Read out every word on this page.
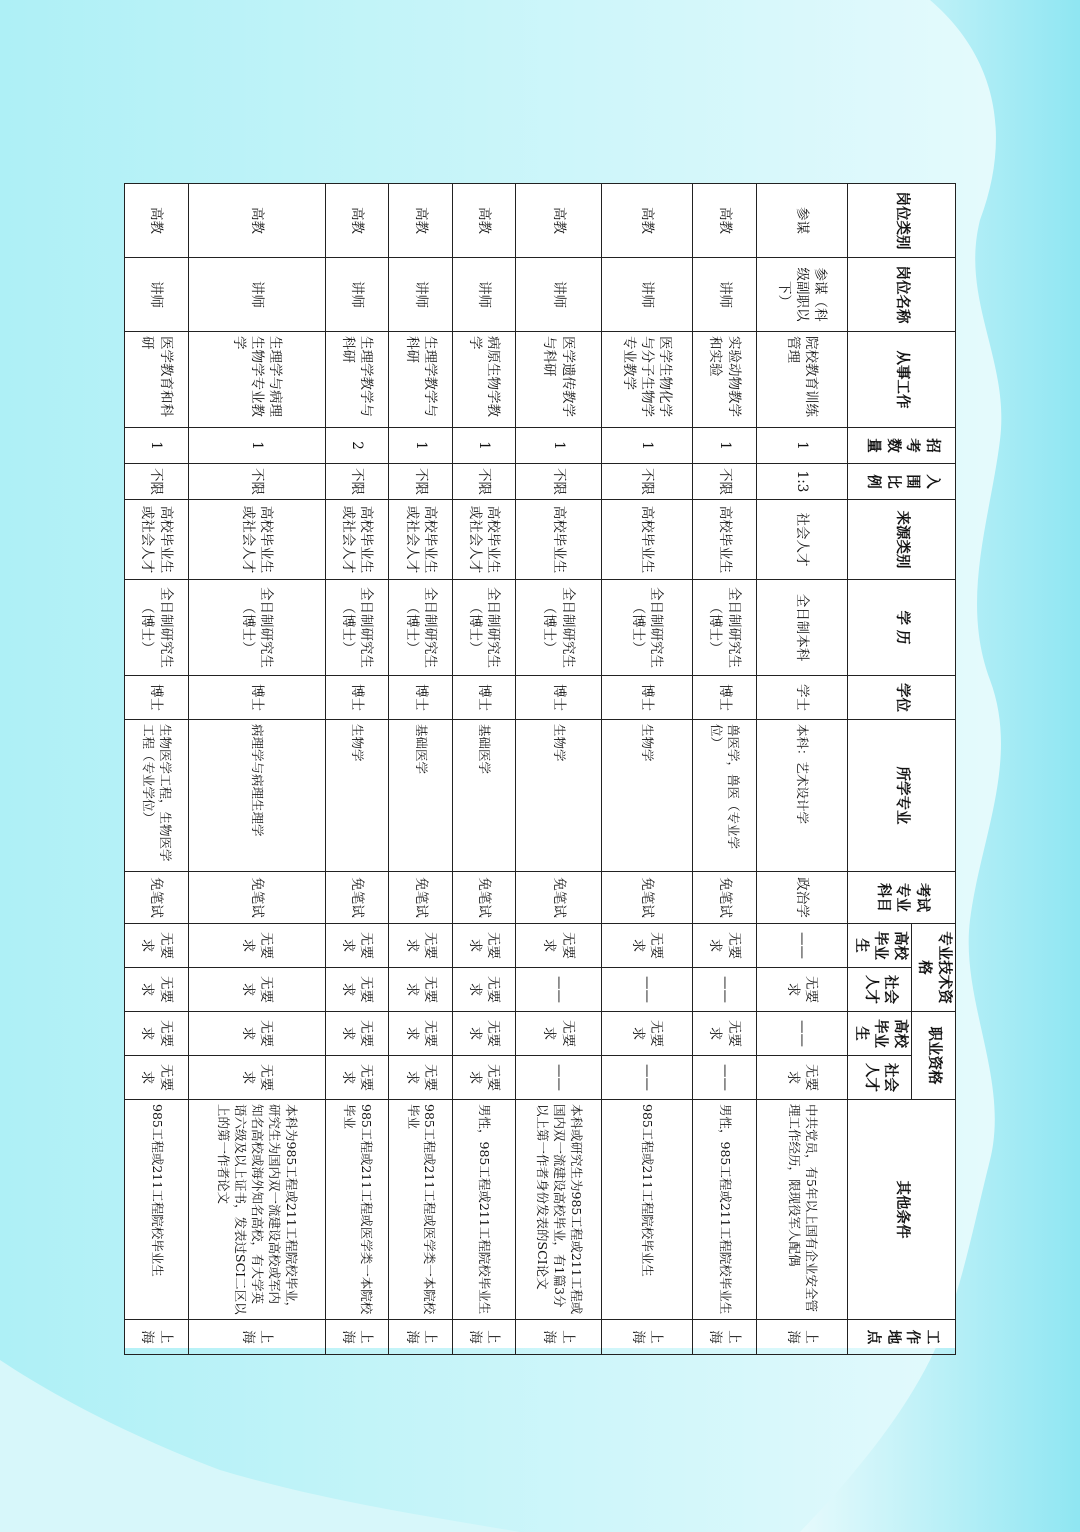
岗位类别	岗位名称	从事工作	招考数量	入围比例	来源类别	学 历	学位	所学专业	考试专业科目	专业技术资格		职业资格		其他条件	工作地点
										高校毕业生	社会人才	高校毕业生	社会人才		
参谋	参谋（科级副职以下）	院校教育训练管理	1	1:3	社会人才	全日制本科	学士	本科：艺术设计学	政治学	——	无要求	——	无要求	中共党员，有5年以上国有企业安全管理工作经历，限现役军人配偶	上海
高教	讲师	实验动物教学和实验	1	不限	高校毕业生	全日制研究生（博士）	博士	兽医学，兽医（专业学位）	免笔试	无要求	——	无要求	——	男性，985工程或211工程院校毕业生	上海
高教	讲师	医学生物化学与分子生物学专业教学	1	不限	高校毕业生	全日制研究生（博士）	博士	生物学	免笔试	无要求	——	无要求	——	985工程或211工程院校毕业生	上海
高教	讲师	医学遗传教学与科研	1	不限	高校毕业生	全日制研究生（博士）	博士	生物学	免笔试	无要求	——	无要求	——	本科或研究生为985工程或211工程或国内双一流建设高校毕业，有1篇3分以上第一作者身份发表的SCI论文	上海
高教	讲师	病原生物学教学	1	不限	高校毕业生或社会人才	全日制研究生（博士）	博士	基础医学	免笔试	无要求	无要求	无要求	无要求	男性，985工程或211工程院校毕业生	上海
高教	讲师	生理学教学与科研	1	不限	高校毕业生或社会人才	全日制研究生（博士）	博士	基础医学	免笔试	无要求	无要求	无要求	无要求	985工程或211工程或医学类一本院校毕业	上海
高教	讲师	生理学教学与科研	2	不限	高校毕业生或社会人才	全日制研究生（博士）	博士	生物学	免笔试	无要求	无要求	无要求	无要求	985工程或211工程或医学类一本院校毕业	上海
高教	讲师	生理学与病理生物学专业教学	1	不限	高校毕业生或社会人才	全日制研究生（博士）	博士	病理学与病理生理学	免笔试	无要求	无要求	无要求	无要求	本科为985工程或211工程院校毕业，研究生为国内双一流建设高校或军内知名高校或海外知名高校，有大学英语六级及以上证书，发表过SCI二区以上的第一作者论文	上海
高教	讲师	医学教育和科研	1	不限	高校毕业生或社会人才	全日制研究生（博士）	博士	生物医学工程，生物医学工程（专业学位）	免笔试	无要求	无要求	无要求	无要求	985工程或211工程院校毕业生	上海
